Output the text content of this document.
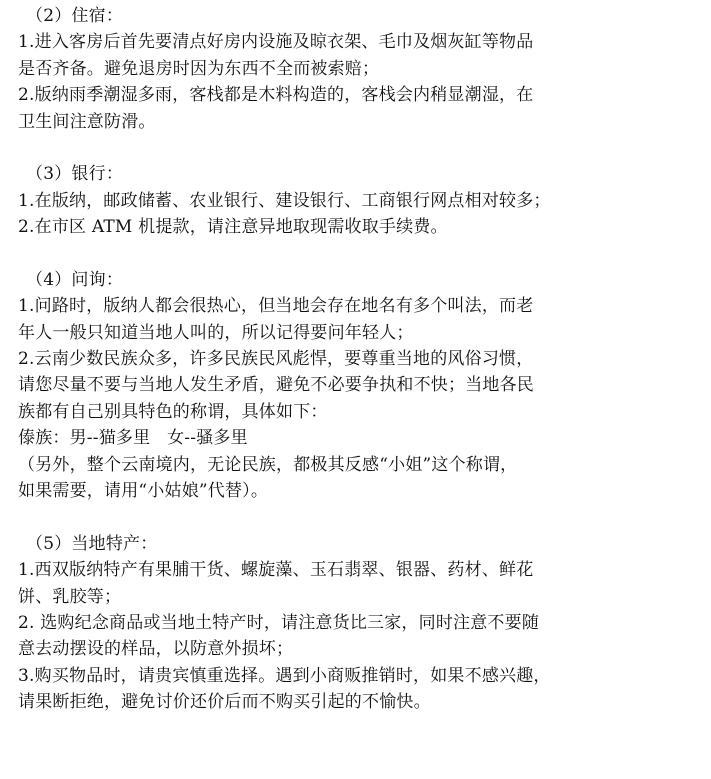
（2）住宿：
1.进入客房后首先要清点好房内设施及晾衣架、毛巾及烟灰缸等物品
是否齐备。避免退房时因为东西不全而被索赔；
2.版纳雨季潮湿多雨，客栈都是木料构造的，客栈会内稍显潮湿，在
卫生间注意防滑。
（3）银行：
1.在版纳，邮政储蓄、农业银行、建设银行、工商银行网点相对较多；
2.在市区 ATM 机提款，请注意异地取现需收取手续费。
（4）问询：
1.问路时，版纳人都会很热心，但当地会存在地名有多个叫法，而老
年人一般只知道当地人叫的，所以记得要问年轻人；
2.云南少数民族众多，许多民族民风彪悍，要尊重当地的风俗习惯，
请您尽量不要与当地人发生矛盾，避免不必要争执和不快；当地各民
族都有自己别具特色的称谓，具体如下：
傣族：男--猫多里   女--骚多里
（另外，整个云南境内，无论民族，都极其反感“小姐”这个称谓，
如果需要，请用“小姑娘”代替）。
（5）当地特产：
1.西双版纳特产有果脯干货、螺旋藻、玉石翡翠、银器、药材、鲜花
饼、乳胶等；
2. 选购纪念商品或当地土特产时，请注意货比三家，同时注意不要随
意去动摆设的样品，以防意外损坏；
3.购买物品时，请贵宾慎重选择。遇到小商贩推销时，如果不感兴趣，
请果断拒绝，避免讨价还价后而不购买引起的不愉快。
